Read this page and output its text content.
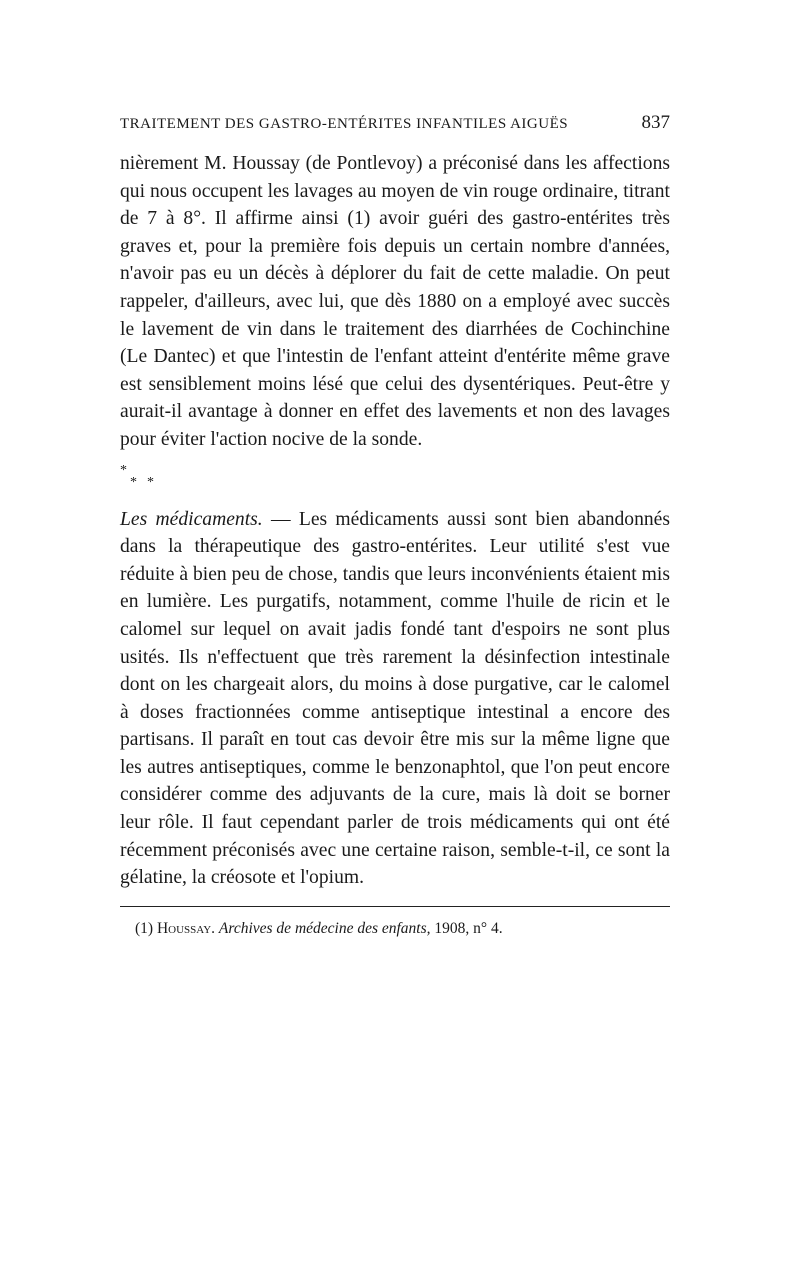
TRAITEMENT DES GASTRO-ENTÉRITES INFANTILES AIGUËS	837

nièrement M. Houssay (de Pontlevoy) a préconisé dans les affections qui nous occupent les lavages au moyen de vin rouge ordinaire, titrant de 7 à 8°. Il affirme ainsi (1) avoir guéri des gastro-entérites très graves et, pour la première fois depuis un certain nombre d'années, n'avoir pas eu un décès à déplorer du fait de cette maladie. On peut rappeler, d'ailleurs, avec lui, que dès 1880 on a employé avec succès le lavement de vin dans le traitement des diarrhées de Cochinchine (Le Dantec) et que l'intestin de l'enfant atteint d'entérite même grave est sensiblement moins lésé que celui des dysentériques. Peut-être y aurait-il avantage à donner en effet des lavements et non des lavages pour éviter l'action nocive de la sonde.

*
**

Les médicaments. — Les médicaments aussi sont bien abandonnés dans la thérapeutique des gastro-entérites. Leur utilité s'est vue réduite à bien peu de chose, tandis que leurs inconvénients étaient mis en lumière. Les purgatifs, notamment, comme l'huile de ricin et le calomel sur lequel on avait jadis fondé tant d'espoirs ne sont plus usités. Ils n'effectuent que très rarement la désinfection intestinale dont on les chargeait alors, du moins à dose purgative, car le calomel à doses fractionnées comme antiseptique intestinal a encore des partisans. Il paraît en tout cas devoir être mis sur la même ligne que les autres antiseptiques, comme le benzonaphtol, que l'on peut encore considérer comme des adjuvants de la cure, mais là doit se borner leur rôle. Il faut cependant parler de trois médicaments qui ont été récemment préconisés avec une certaine raison, semble-t-il, ce sont la gélatine, la créosote et l'opium.

(1) Houssay. Archives de médecine des enfants, 1908, n° 4.
